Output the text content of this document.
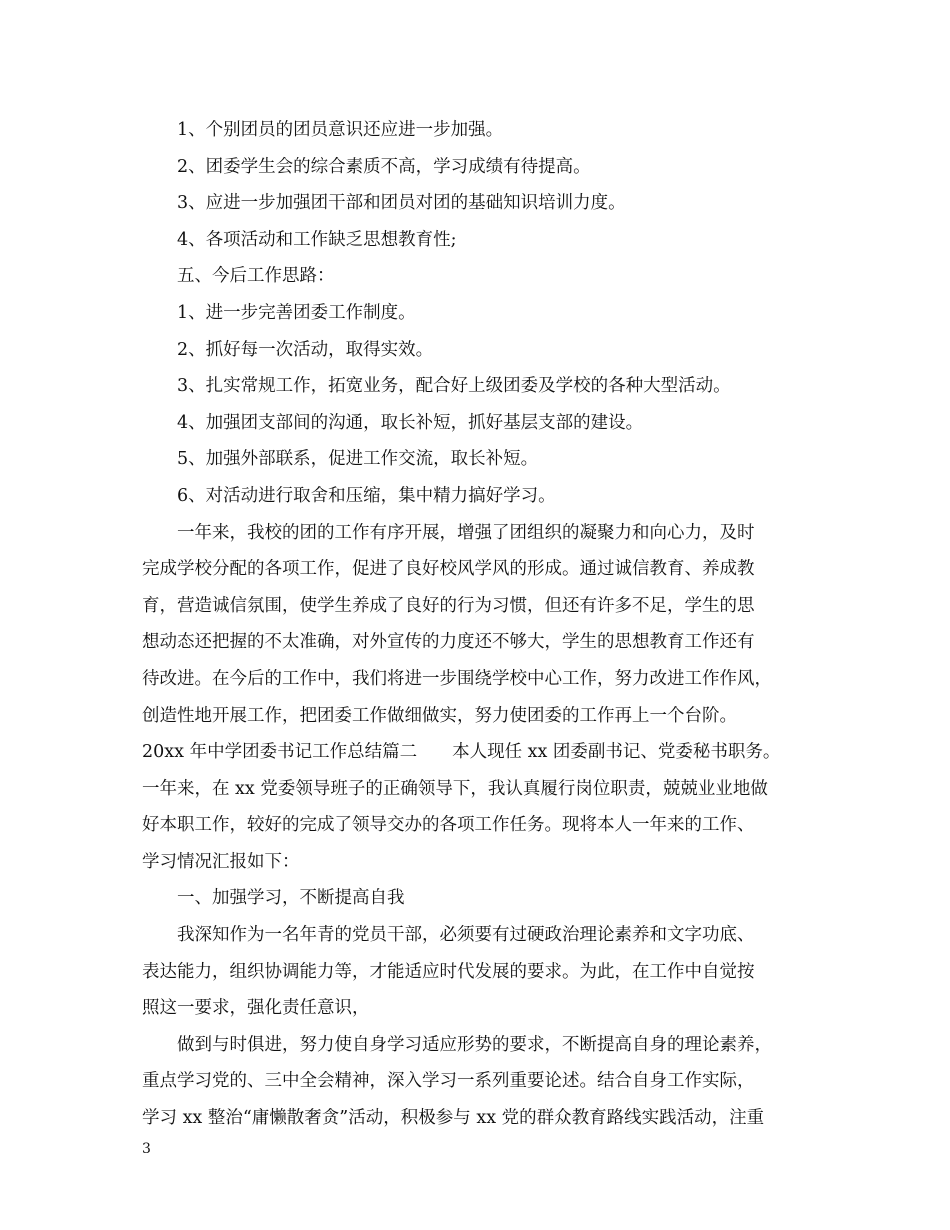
1、个别团员的团员意识还应进一步加强。
2、团委学生会的综合素质不高，学习成绩有待提高。
3、应进一步加强团干部和团员对团的基础知识培训力度。
4、各项活动和工作缺乏思想教育性;
五、今后工作思路：
1、进一步完善团委工作制度。
2、抓好每一次活动，取得实效。
3、扎实常规工作，拓宽业务，配合好上级团委及学校的各种大型活动。
4、加强团支部间的沟通，取长补短，抓好基层支部的建设。
5、加强外部联系，促进工作交流，取长补短。
6、对活动进行取舍和压缩，集中精力搞好学习。
一年来，我校的团的工作有序开展，增强了团组织的凝聚力和向心力，及时
完成学校分配的各项工作，促进了良好校风学风的形成。通过诚信教育、养成教
育，营造诚信氛围，使学生养成了良好的行为习惯，但还有许多不足，学生的思
想动态还把握的不太准确，对外宣传的力度还不够大，学生的思想教育工作还有
待改进。在今后的工作中，我们将进一步围绕学校中心工作，努力改进工作作风，
创造性地开展工作，把团委工作做细做实，努力使团委的工作再上一个台阶。
20xx 年中学团委书记工作总结篇二　　本人现任 xx 团委副书记、党委秘书职务。
一年来，在 xx 党委领导班子的正确领导下，我认真履行岗位职责，兢兢业业地做
好本职工作，较好的完成了领导交办的各项工作任务。现将本人一年来的工作、
学习情况汇报如下：
一、加强学习，不断提高自我
我深知作为一名年青的党员干部，必须要有过硬政治理论素养和文字功底、
表达能力，组织协调能力等，才能适应时代发展的要求。为此，在工作中自觉按
照这一要求，强化责任意识，
做到与时俱进，努力使自身学习适应形势的要求，不断提高自身的理论素养，
重点学习党的、三中全会精神，深入学习一系列重要论述。结合自身工作实际，
学习 xx 整治“庸懒散奢贪”活动，积极参与 xx 党的群众教育路线实践活动，注重
3
